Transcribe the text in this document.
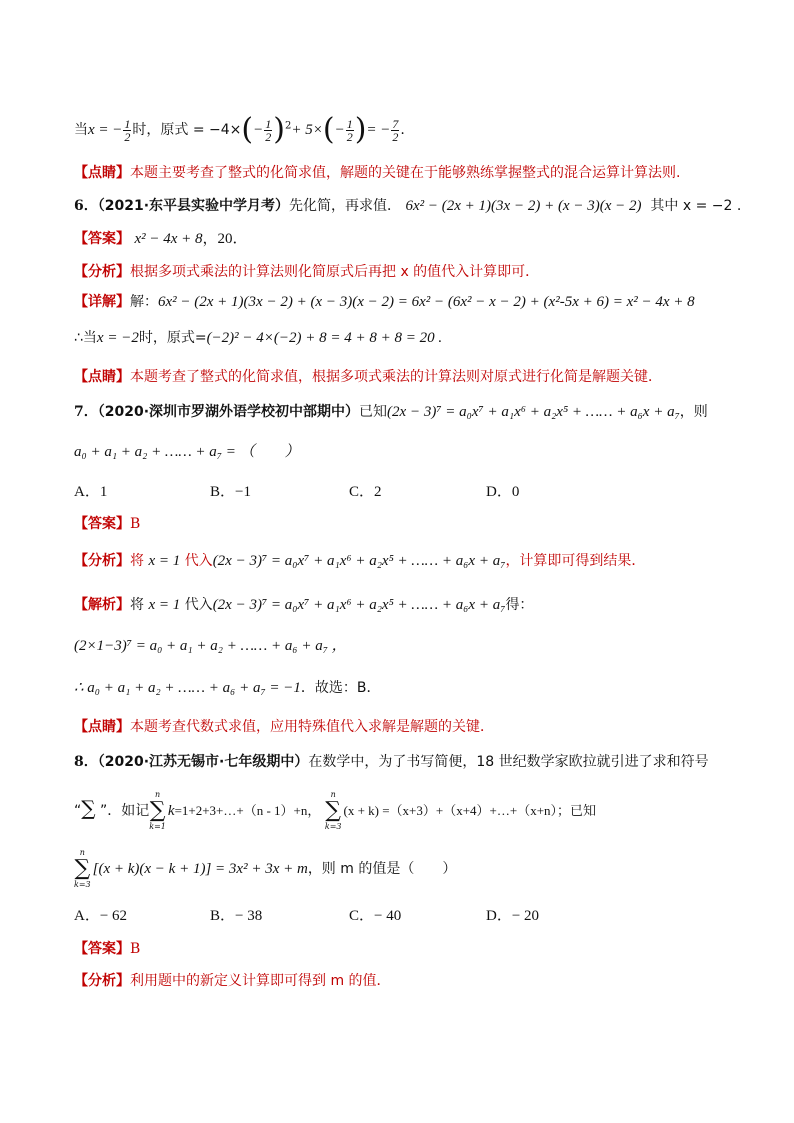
当x = − $\frac{1}{2}$ 时，原式 = $-4\times(- \frac{1}{2} )^2+ 5\times(- \frac{1}{2}$ )= − $\frac{7}{2}$ .
【点睛】本题主要考查了整式的化简求值，解题的关键在于能够熟练掌握整式的混合运算计算法则.
6．（2021·东平县实验中学月考）先化简，再求值． 6x² − (2x + 1)(3x − 2) + (x − 3)(x − 2) 其中 x = −2 .
【答案】 x² − 4x + 8，20．
【分析】根据多项式乘法的计算法则化简原式后再把 x 的值代入计算即可．
【详解】解：6x² − (2x + 1)(3x − 2) + (x − 3)(x − 2) = 6x² − (6x² − x − 2) + (x²-5x + 6) = x² − 4x + 8
∴当x = −2时，原式=(−2)² − 4×(−2) + 8 = 4 + 8 + 8 = 20 .
【点睛】本题考查了整式的化简求值，根据多项式乘法的计算法则对原式进行化简是解题关键．
7．（2020·深圳市罗湖外语学校初中部期中）已知(2x − 3)⁷ = a₀x⁷ + a₁x⁶ + a₂x⁵ + …… + a₆x + a₇，则
a₀ + a₁ + a₂ + …… + a₇ = （　　）
A．1	B．−1	C．2	D．0
【答案】B
【分析】将 x = 1 代入(2x − 3)⁷ = a₀x⁷ + a₁x⁶ + a₂x⁵ + …… + a₆x + a₇，计算即可得到结果．
【解析】将 x = 1 代入(2x − 3)⁷ = a₀x⁷ + a₁x⁶ + a₂x⁵ + …… + a₆x + a₇得：
(2×1−3)⁷ = a₀ + a₁ + a₂ + …… + a₆ + a₇ ，
∴ a₀ + a₁ + a₂ + …… + a₆ + a₇ = −1．故选：B．
【点睛】本题考查代数式求值，应用特殊值代入求解是解题的关键．
8．（2020·江苏无锡市·七年级期中）在数学中，为了书写简便，18 世纪数学家欧拉就引进了求和符号
“∑ ”．如记
n
∑
k=1
k=1+2+3+…+（n - 1）+n，
n
∑
k=3
(x + k) =（x+3）+（x+4）+…+（x+n）；已知
n
∑
k=3
[(x + k)(x − k + 1)] = 3x² + 3x + m，则 m 的值是（　　）
A．− 62	B．− 38	C．− 40	D．− 20
【答案】B
【分析】利用题中的新定义计算即可得到 m 的值．
